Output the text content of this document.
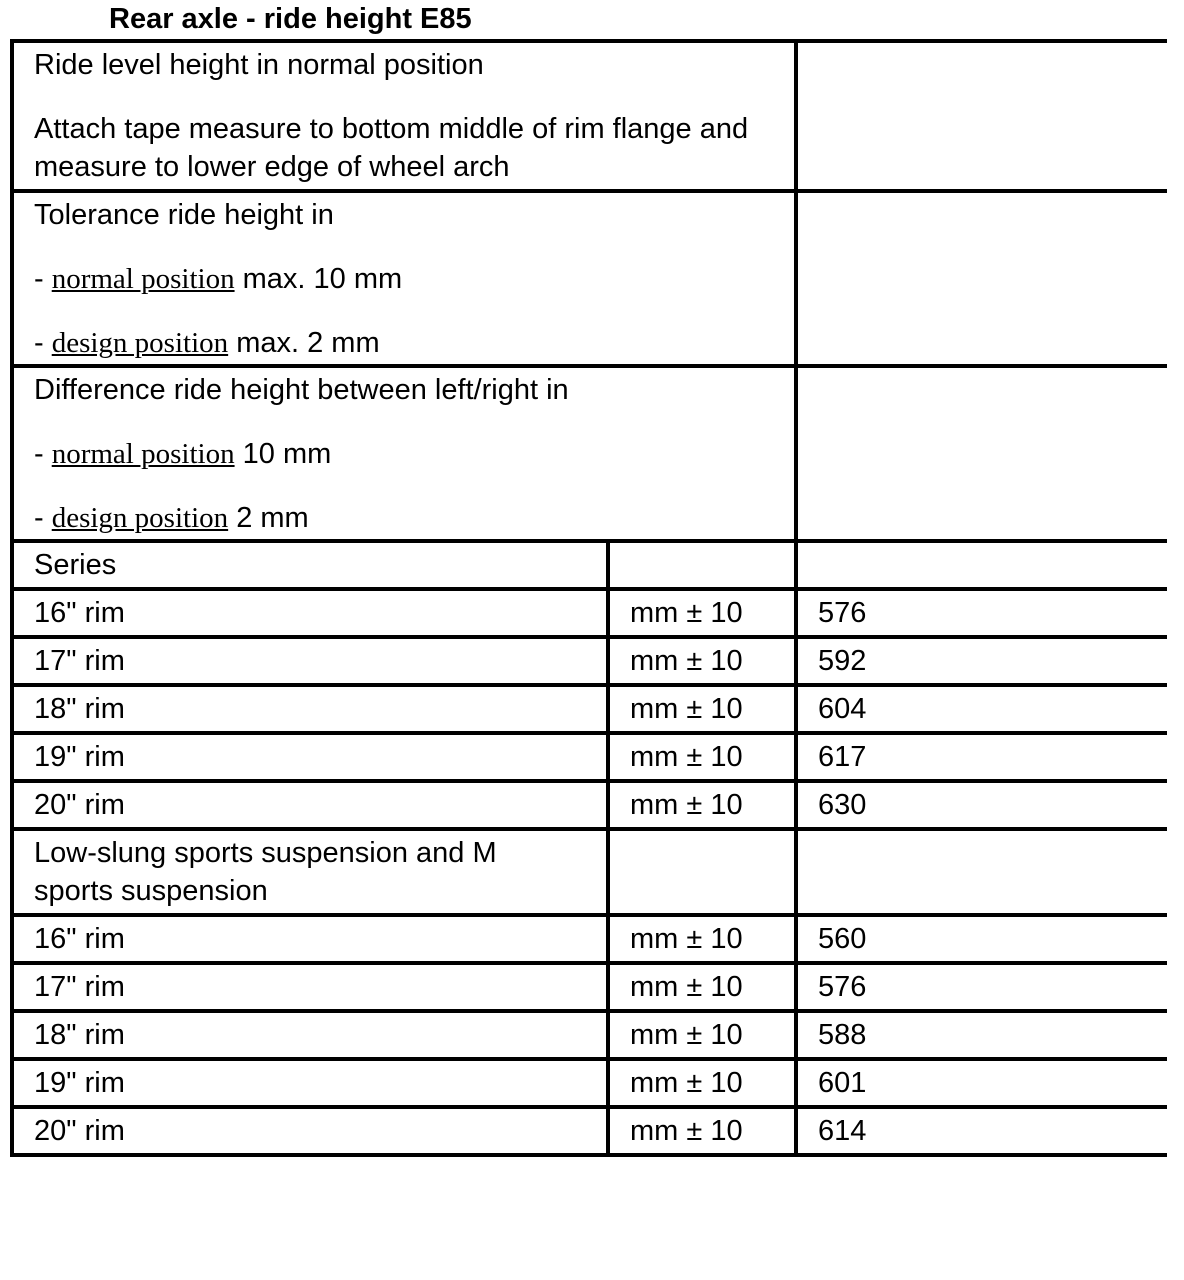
Rear axle - ride height E85

Ride level height in normal position

Attach tape measure to bottom middle of rim flange and measure to lower edge of wheel arch		

Tolerance ride height in

- normal position max. 10 mm

- design position max. 2 mm		

Difference ride height between left/right in

- normal position 10 mm

- design position 2 mm		

Series		
16" rim	mm ± 10	576
17" rim	mm ± 10	592
18" rim	mm ± 10	604
19" rim	mm ± 10	617
20" rim	mm ± 10	630
Low-slung sports suspension and M sports suspension		
16" rim	mm ± 10	560
17" rim	mm ± 10	576
18" rim	mm ± 10	588
19" rim	mm ± 10	601
20" rim	mm ± 10	614
